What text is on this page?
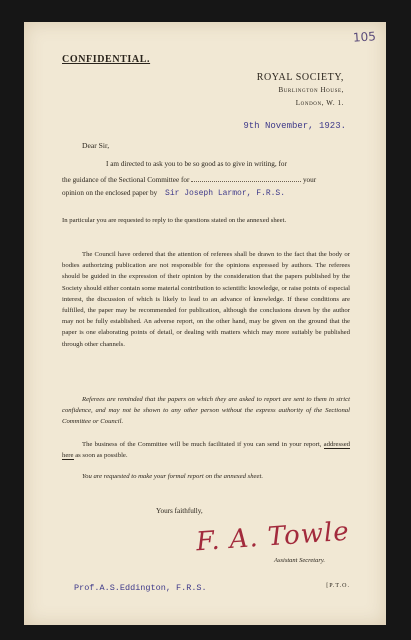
105
CONFIDENTIAL.
ROYAL SOCIETY,
Burlington House,
London, W. 1.
9th November, 1923.
Dear Sir,
I am directed to ask you to be so good as to give in writing, for
the guidance of the Sectional Committee for	your
opinion on the enclosed paper by Sir Joseph Larmor, F.R.S.

In particular you are requested to reply to the questions stated on the annexed sheet.

The Council have ordered that the attention of referees shall be drawn to the fact that the body or bodies authorizing publication are not responsible for the opinions expressed by authors. The referees should be guided in the expression of their opinion by the consideration that the papers published by the Society should either contain some material contribution to scientific knowledge, or raise points of especial interest, the discussion of which is likely to lead to an advance of knowledge. If these conditions are fulfilled, the paper may be recommended for publication, although the conclusions drawn by the author may not be fully established. An adverse report, on the other hand, may be given on the ground that the paper is one elaborating points of detail, or dealing with matters which may more suitably be published through other channels.

Referees are reminded that the papers on which they are asked to report are sent to them in strict confidence, and may not be shown to any other person without the express authority of the Sectional Committee or Council.

The business of the Committee will be much facilitated if you can send in your report, addressed here as soon as possible.

You are requested to make your formal report on the annexed sheet.

Yours faithfully,
F. A. Towle
Assistant Secretary.
Prof.A.S.Eddington, F.R.S.	[P.T.O.
